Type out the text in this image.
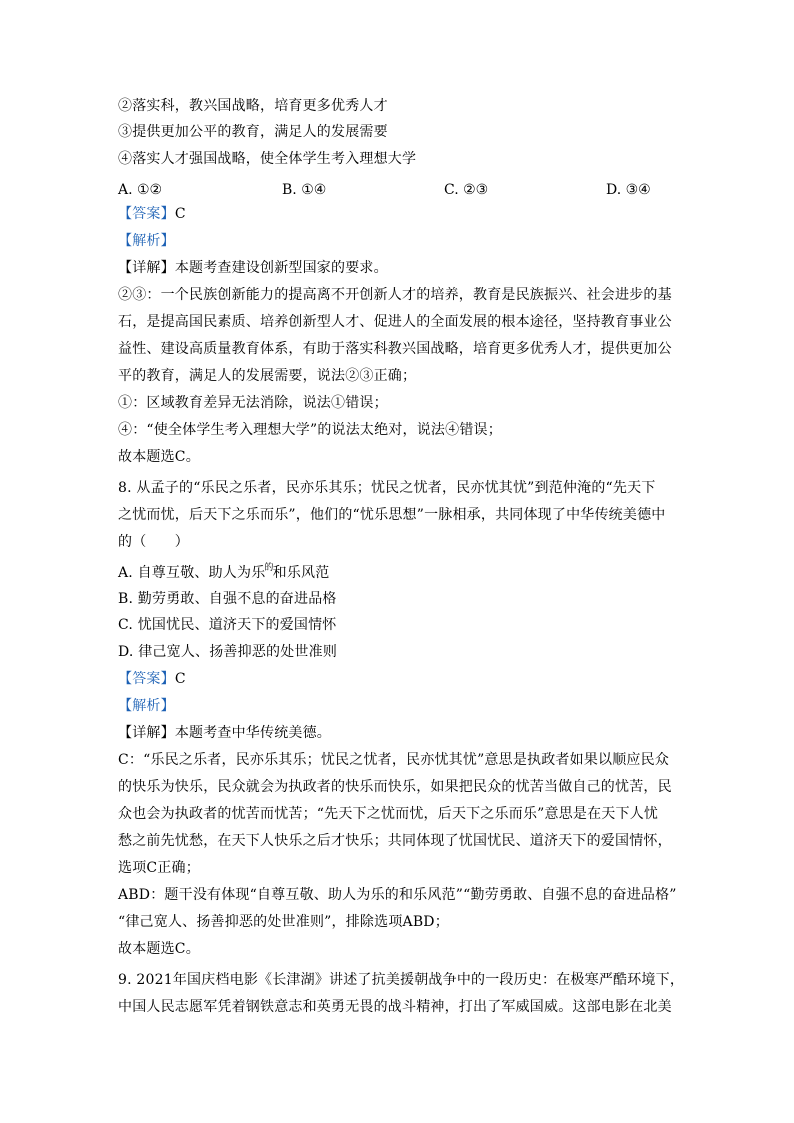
②落实科，教兴国战略，培育更多优秀人才
③提供更加公平的教育，满足人的发展需要
④落实人才强国战略，使全体学生考入理想大学
A. ①②	B. ①④	C. ②③	D. ③④
【答案】C
【解析】
【详解】本题考查建设创新型国家的要求。
②③：一个民族创新能力的提高离不开创新人才的培养，教育是民族振兴、社会进步的基
石，是提高国民素质、培养创新型人才、促进人的全面发展的根本途径，坚持教育事业公
益性、建设高质量教育体系，有助于落实科教兴国战略，培育更多优秀人才，提供更加公
平的教育，满足人的发展需要，说法②③正确；
①：区域教育差异无法消除，说法①错误；
④：“使全体学生考入理想大学”的说法太绝对，说法④错误；
故本题选C。
8. 从孟子的“乐民之乐者，民亦乐其乐；忧民之忧者，民亦忧其忧”到范仲淹的“先天下
之忧而忧，后天下之乐而乐”，他们的“忧乐思想”一脉相承，共同体现了中华传统美德中
的（　　）
A. 自尊互敬、助人为乐$^的$和乐风范
B. 勤劳勇敢、自强不息的奋进品格
C. 忧国忧民、道济天下的爱国情怀
D. 律己宽人、扬善抑恶的处世准则
【答案】C
【解析】
【详解】本题考查中华传统美德。
C：“乐民之乐者，民亦乐其乐；忧民之忧者，民亦忧其忧”意思是执政者如果以顺应民众
的快乐为快乐，民众就会为执政者的快乐而快乐，如果把民众的忧苦当做自己的忧苦，民
众也会为执政者的忧苦而忧苦；“先天下之忧而忧，后天下之乐而乐”意思是在天下人忧
愁之前先忧愁，在天下人快乐之后才快乐；共同体现了忧国忧民、道济天下的爱国情怀，
选项C正确；
ABD：题干没有体现“自尊互敬、助人为乐的和乐风范”“勤劳勇敢、自强不息的奋进品格”
“律己宽人、扬善抑恶的处世准则”，排除选项ABD；
故本题选C。
9. 2021年国庆档电影《长津湖》讲述了抗美援朝战争中的一段历史：在极寒严酷环境下，
中国人民志愿军凭着钢铁意志和英勇无畏的战斗精神，打出了军威国威。这部电影在北美
